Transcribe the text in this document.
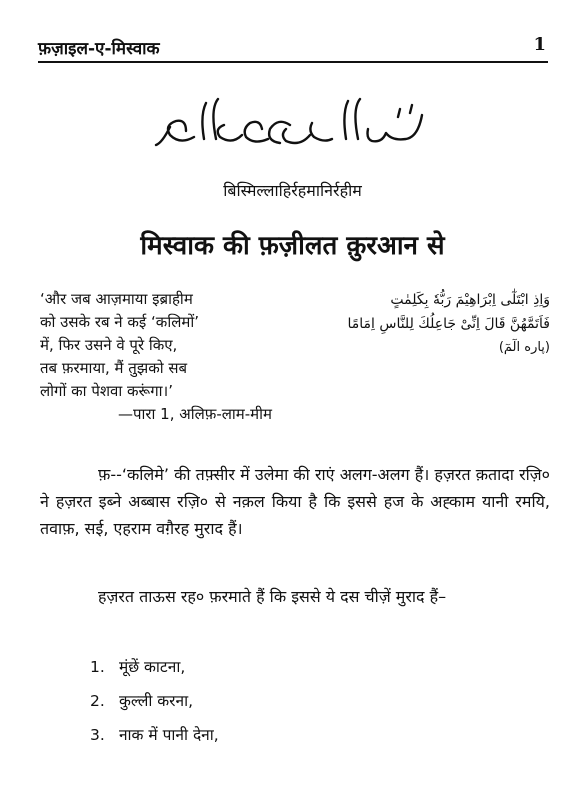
फ़ज़ाइल-ए-मिस्वाक	1
बिस्मिल्लाहिर्रहमानिर्रहीम
मिस्वाक की फ़ज़ीलत क़ुरआन से
‘और जब आज़माया इब्राहीम
को उसके रब ने कई ‘कलिमों’
में, फिर उसने वे पूरे किए,
तब फ़रमाया, मैं तुझको सब
लोगों का पेशवा करूंगा।’
—पारा 1, अलिफ़-लाम-मीम
وَاِذِ ابْتَلٰٓی اِبْرَاهِیْمَ رَبُّهٗ بِكَلِمٰتٍ
فَاَتَمَّهُنَّ قَالَ اِنِّیْ جَاعِلُكَ لِلنَّاسِ اِمَامًا
(پاره الٓمٓ)
फ़--‘कलिमे’ की तफ़्सीर में उलेमा की राएं अलग-अलग हैं। हज़रत क़तादा रज़ि० ने हज़रत इब्ने अब्बास रज़ि० से नक़ल किया है कि इससे हज के अह्काम यानी रमयि, तवाफ़, सई, एहराम वग़ैरह मुराद हैं।
हज़रत ताऊस रह० फ़रमाते हैं कि इससे ये दस चीज़ें मुराद हैं–
1. मूंछें काटना,
2. कुल्ली करना,
3. नाक में पानी देना,
